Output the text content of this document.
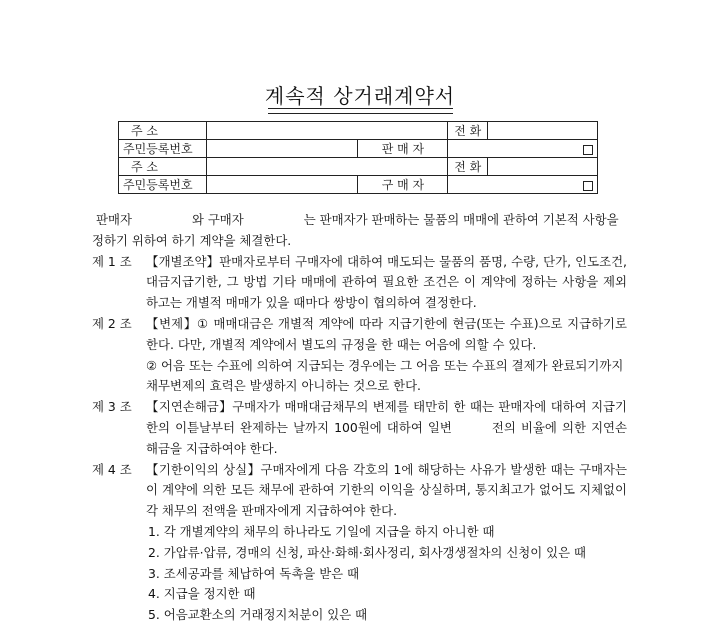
계속적 상거래계약서
주 소			전 화	
주민등록번호		판 매 자		

주 소			전 화	
주민등록번호		구 매 자		

판매자	와 구매자	는 판매자가 판매하는 물품의 매매에 관하여 기본적 사항을 정하기 위하여 하기 계약을 체결한다.

제 1 조	【개별조약】판매자로부터 구매자에 대하여 매도되는 물품의 품명, 수량, 단가, 인도조건, 대금지급기한, 그 방법 기타 매매에 관하여 필요한 조건은 이 계약에 정하는 사항을 제외하고는 개별적 매매가 있을 때마다 쌍방이 협의하여 결정한다.
제 2 조	【변제】① 매매대금은 개별적 계약에 따라 지급기한에 현금(또는 수표)으로 지급하기로 한다. 다만, 개별적 계약에서 별도의 규정을 한 때는 어음에 의할 수 있다.
② 어음 또는 수표에 의하여 지급되는 경우에는 그 어음 또는 수표의 결제가 완료되기까지 채무변제의 효력은 발생하지 아니하는 것으로 한다.
제 3 조	【지연손해금】구매자가 매매대금채무의 변제를 태만히 한 때는 판매자에 대하여 지급기한의 이튿날부터 완제하는 날까지 100원에 대하여 일변	전의 비율에 의한 지연손해금을 지급하여야 한다.
제 4 조	【기한이익의 상실】구매자에게 다음 각호의 1에 해당하는 사유가 발생한 때는 구매자는 이 계약에 의한 모든 채무에 관하여 기한의 이익을 상실하며, 통지최고가 없어도 지체없이 각 채무의 전액을 판매자에게 지급하여야 한다.
1. 각 개별계약의 채무의 하나라도 기일에 지급을 하지 아니한 때
2. 가압류·압류, 경매의 신청, 파산·화해·회사정리, 회사갱생절차의 신청이 있은 때
3. 조세공과를 체납하여 독촉을 받은 때
4. 지급을 정지한 때
5. 어음교환소의 거래정지처분이 있은 때
